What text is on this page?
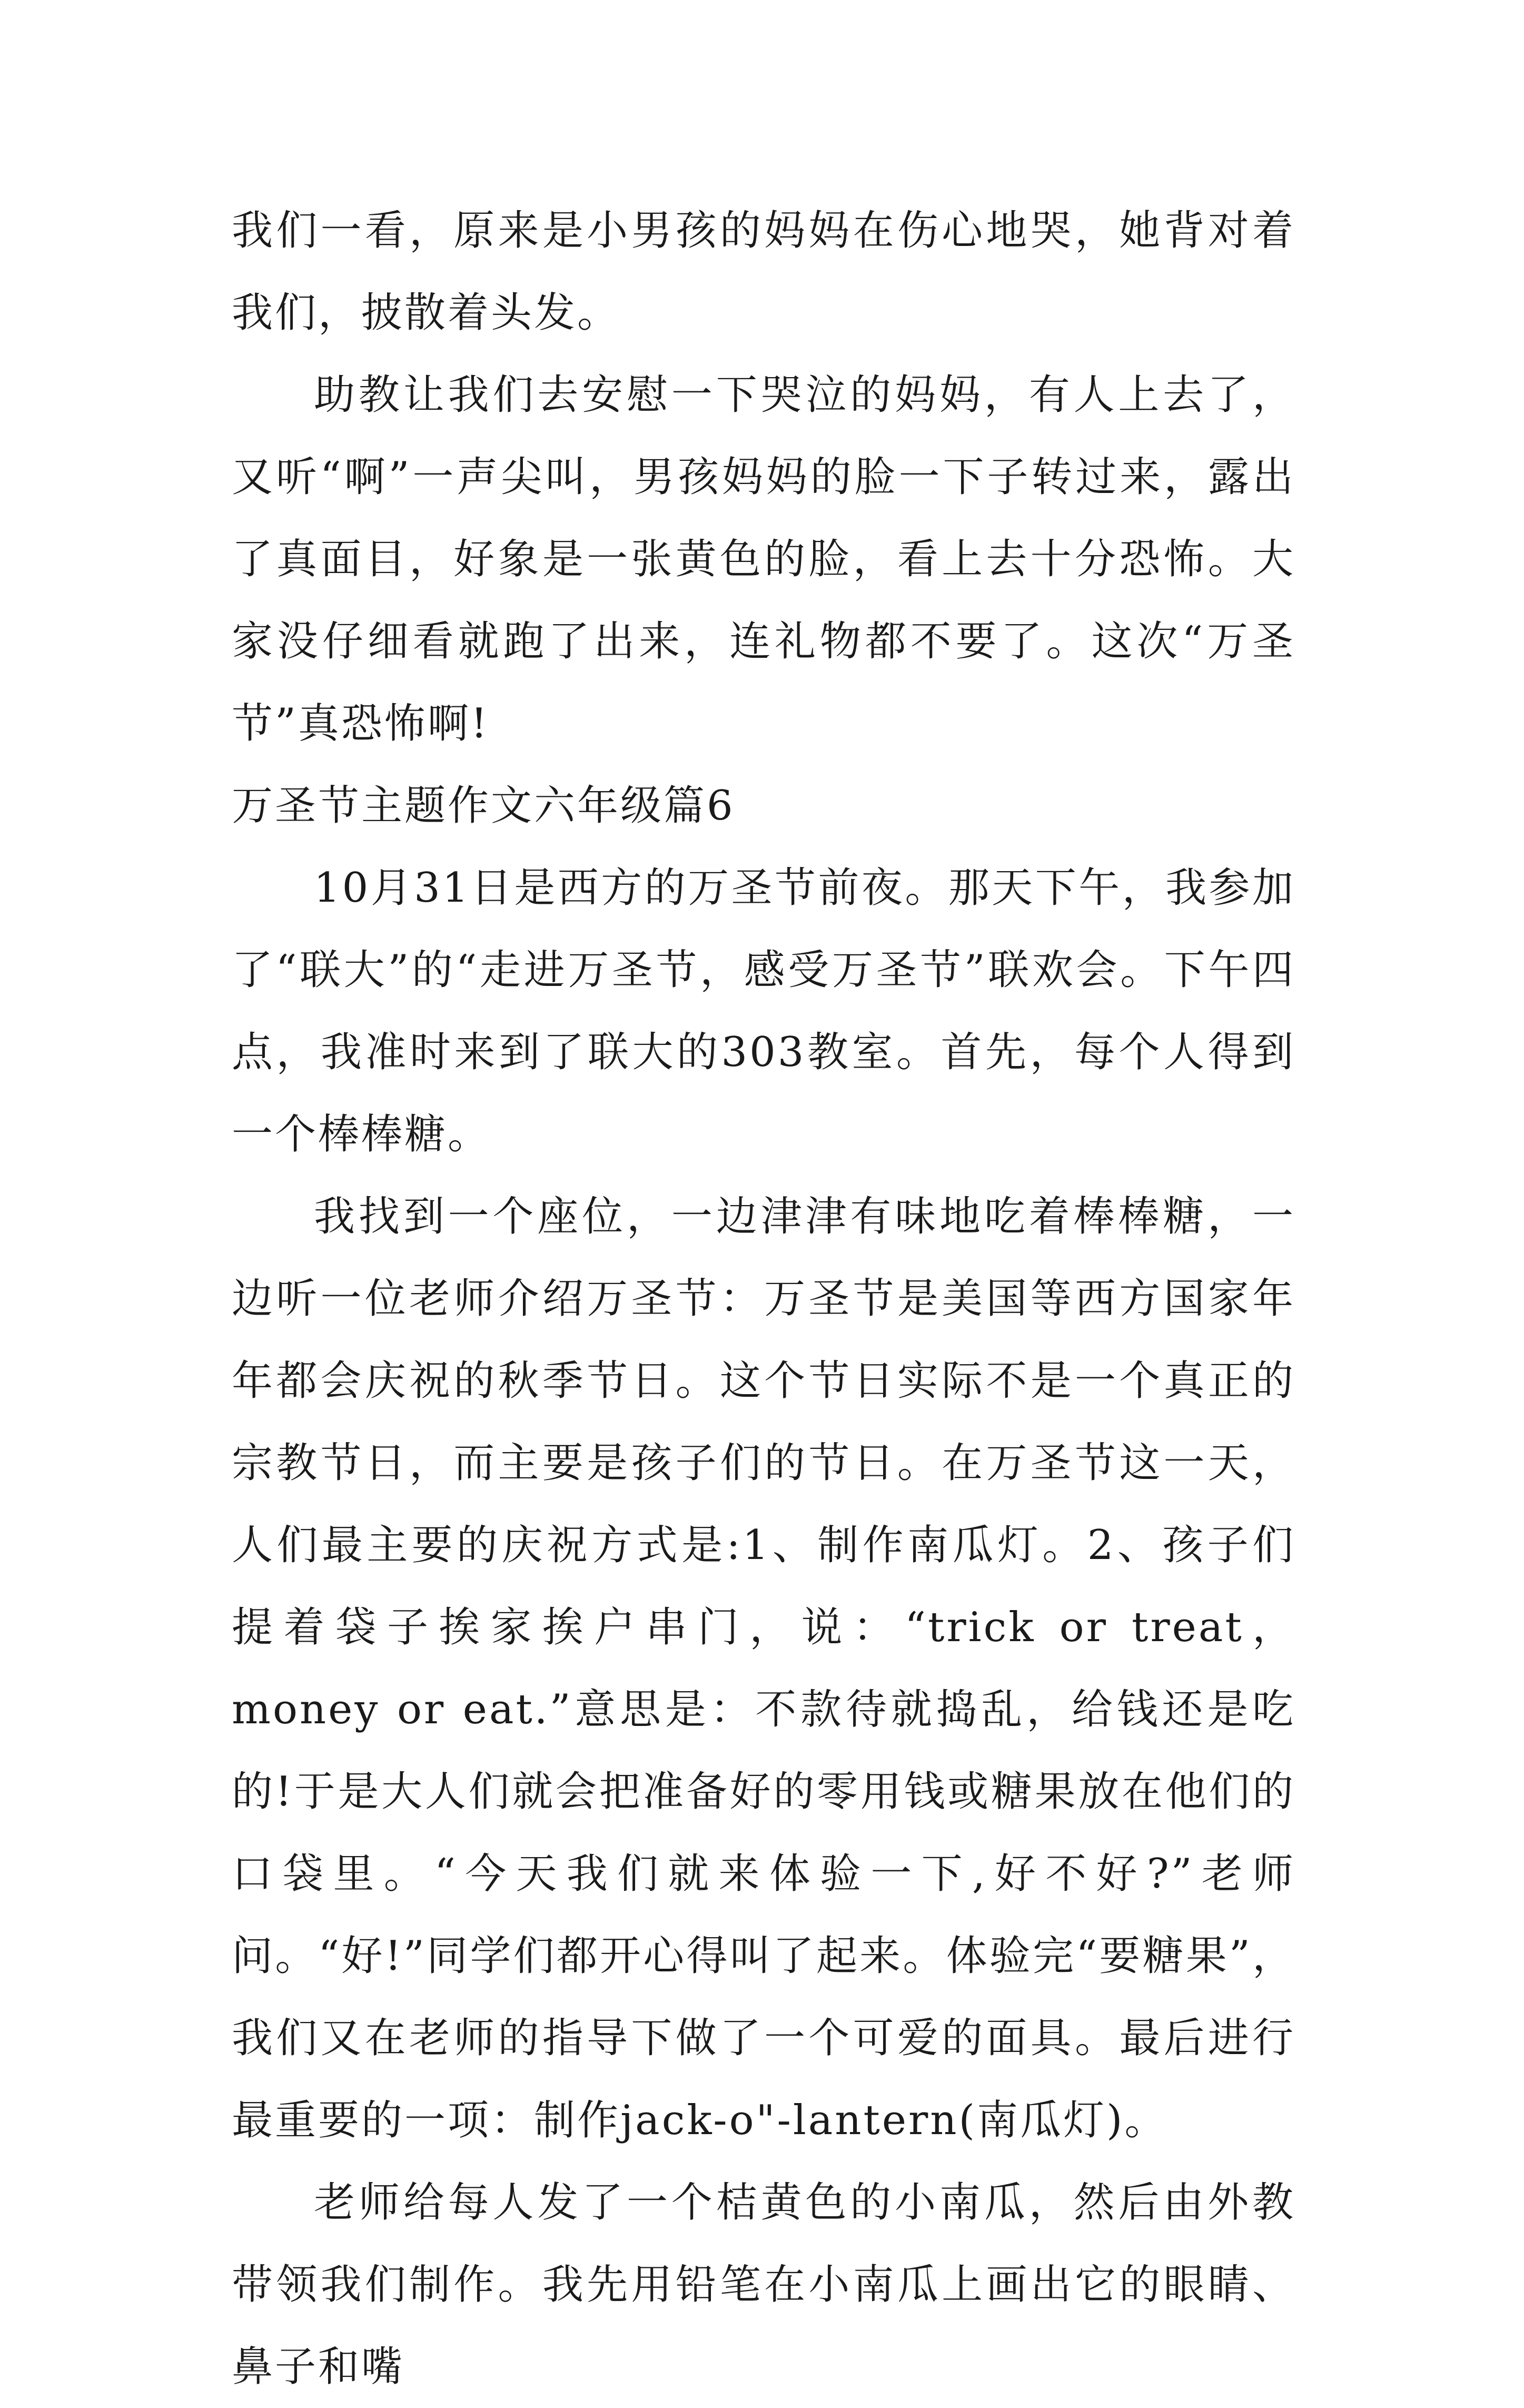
我们一看，原来是小男孩的妈妈在伤心地哭，她背对着我们，披散着头发。

助教让我们去安慰一下哭泣的妈妈，有人上去了，又听“啊”一声尖叫，男孩妈妈的脸一下子转过来，露出了真面目，好象是一张黄色的脸，看上去十分恐怖。大家没仔细看就跑了出来，连礼物都不要了。这次“万圣节”真恐怖啊!

万圣节主题作文六年级篇6

10月31日是西方的万圣节前夜。那天下午，我参加了“联大”的“走进万圣节，感受万圣节”联欢会。下午四点，我准时来到了联大的303教室。首先，每个人得到一个棒棒糖。

我找到一个座位，一边津津有味地吃着棒棒糖，一边听一位老师介绍万圣节：万圣节是美国等西方国家年年都会庆祝的秋季节日。这个节日实际不是一个真正的宗教节日，而主要是孩子们的节日。在万圣节这一天，人们最主要的庆祝方式是:1、制作南瓜灯。2、孩子们提着袋子挨家挨户串门，说：“trick or treat，money or eat.”意思是：不款待就捣乱，给钱还是吃的!于是大人们就会把准备好的零用钱或糖果放在他们的口袋里。“今天我们就来体验一下,好不好?”老师问。“好!”同学们都开心得叫了起来。体验完“要糖果”，我们又在老师的指导下做了一个可爱的面具。最后进行最重要的一项：制作jack-o"-lantern(南瓜灯)。

老师给每人发了一个桔黄色的小南瓜，然后由外教带领我们制作。我先用铅笔在小南瓜上画出它的眼睛、鼻子和嘴
